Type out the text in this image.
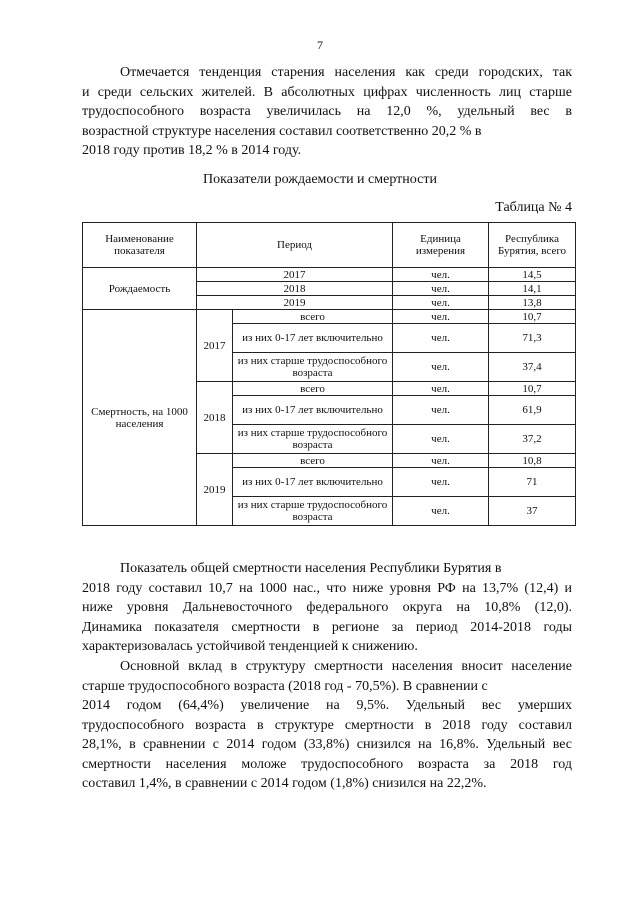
7

Отмечается тенденция старения населения как среди городских, так
и среди сельских жителей. В абсолютных цифрах численность лиц старше
трудоспособного возраста увеличилась на 12,0 %, удельный вес в
возрастной структуре населения составил соответственно 20,2 % в
2018 году против 18,2 % в 2014 году.

Показатели рождаемости и смертности
Таблица № 4
Наименование показателя	Период		Единица измерения	Республика Бурятия, всего
Рождаемость	2017		чел.	14,5
	2018		чел.	14,1
	2019		чел.	13,8
Смертность, на 1000 населения	2017	всего	чел.	10,7
		из них 0-17 лет включительно	чел.	71,3
		из них старше трудоспособного возраста	чел.	37,4
	2018	всего	чел.	10,7
		из них 0-17 лет включительно	чел.	61,9
		из них старше трудоспособного возраста	чел.	37,2
	2019	всего	чел.	10,8
		из них 0-17 лет включительно	чел.	71
		из них старше трудоспособного возраста	чел.	37

Показатель общей смертности населения Республики Бурятия в
2018 году составил 10,7 на 1000 нас., что ниже уровня РФ на 13,7% (12,4) и
ниже уровня Дальневосточного федерального округа на 10,8% (12,0).
Динамика показателя смертности в регионе за период 2014-2018 годы
характеризовалась устойчивой тенденцией к снижению.

Основной вклад в структуру смертности населения вносит население
старше трудоспособного возраста (2018 год - 70,5%). В сравнении с
2014 годом (64,4%) увеличение на 9,5%. Удельный вес умерших
трудоспособного возраста в структуре смертности в 2018 году составил
28,1%, в сравнении с 2014 годом (33,8%) снизился на 16,8%. Удельный вес
смертности населения моложе трудоспособного возраста за 2018 год
составил 1,4%, в сравнении с 2014 годом (1,8%) снизился на 22,2%.
